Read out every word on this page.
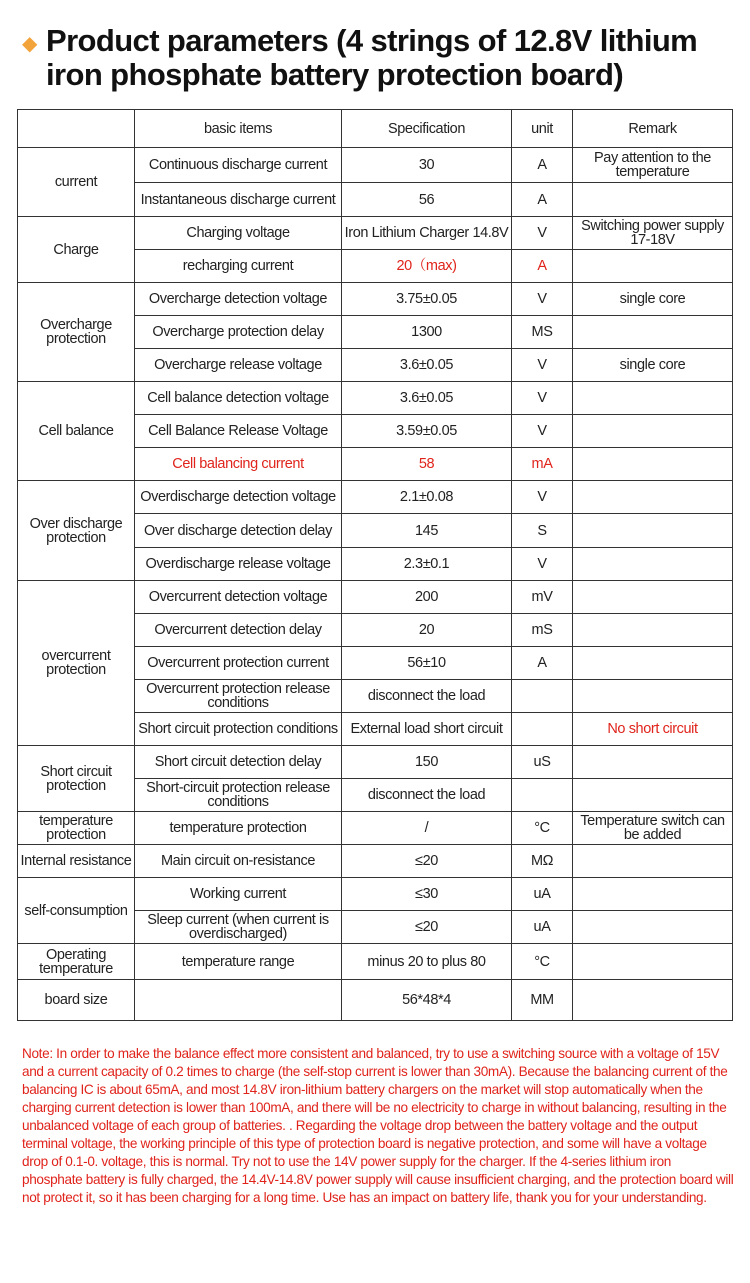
◆ Product parameters (4 strings of 12.8V lithium iron phosphate battery protection board)
	basic items	Specification	unit	Remark
current	Continuous discharge current	30	A	Pay attention to the temperature
	Instantaneous discharge current	56	A	
Charge	Charging voltage	Iron Lithium Charger 14.8V	V	Switching power supply 17-18V
	recharging current	20（max)	A	
Overcharge protection	Overcharge detection voltage	3.75±0.05	V	single core
	Overcharge protection delay	1300	MS	
	Overcharge release voltage	3.6±0.05	V	single core
Cell balance	Cell balance detection voltage	3.6±0.05	V	
	Cell Balance Release Voltage	3.59±0.05	V	
	Cell balancing current	58	mA	
Over discharge protection	Overdischarge detection voltage	2.1±0.08	V	
	Over discharge detection delay	145	S	
	Overdischarge release voltage	2.3±0.1	V	
overcurrent protection	Overcurrent detection voltage	200	mV	
	Overcurrent detection delay	20	mS	
	Overcurrent protection current	56±10	A	
	Overcurrent protection release conditions	disconnect the load		
	Short circuit protection conditions	External load short circuit		No short circuit
Short circuit protection	Short circuit detection delay	150	uS	
	Short-circuit protection release conditions	disconnect the load		
temperature protection	temperature protection	/	°C	Temperature switch can be added
Internal resistance	Main circuit on-resistance	≤20	MΩ	
self-consumption	Working current	≤30	uA	
	Sleep current (when current is overdischarged)	≤20	uA	
Operating temperature	temperature range	minus 20 to plus 80	°C	
board size		56*48*4	MM	
Note: In order to make the balance effect more consistent and balanced, try to use a switching source with a voltage of 15V and a current capacity of 0.2 times to charge (the self-stop current is lower than 30mA). Because the balancing current of the balancing IC is about 65mA, and most 14.8V iron-lithium battery chargers on the market will stop automatically when the charging current detection is lower than 100mA, and there will be no electricity to charge in without balancing, resulting in the unbalanced voltage of each group of batteries. . Regarding the voltage drop between the battery voltage and the output terminal voltage, the working principle of this type of protection board is negative protection, and some will have a voltage drop of 0.1-0. voltage, this is normal. Try not to use the 14V power supply for the charger. If the 4-series lithium iron phosphate battery is fully charged, the 14.4V-14.8V power supply will cause insufficient charging, and the protection board will not protect it, so it has been charging for a long time. Use has an impact on battery life, thank you for your understanding.
